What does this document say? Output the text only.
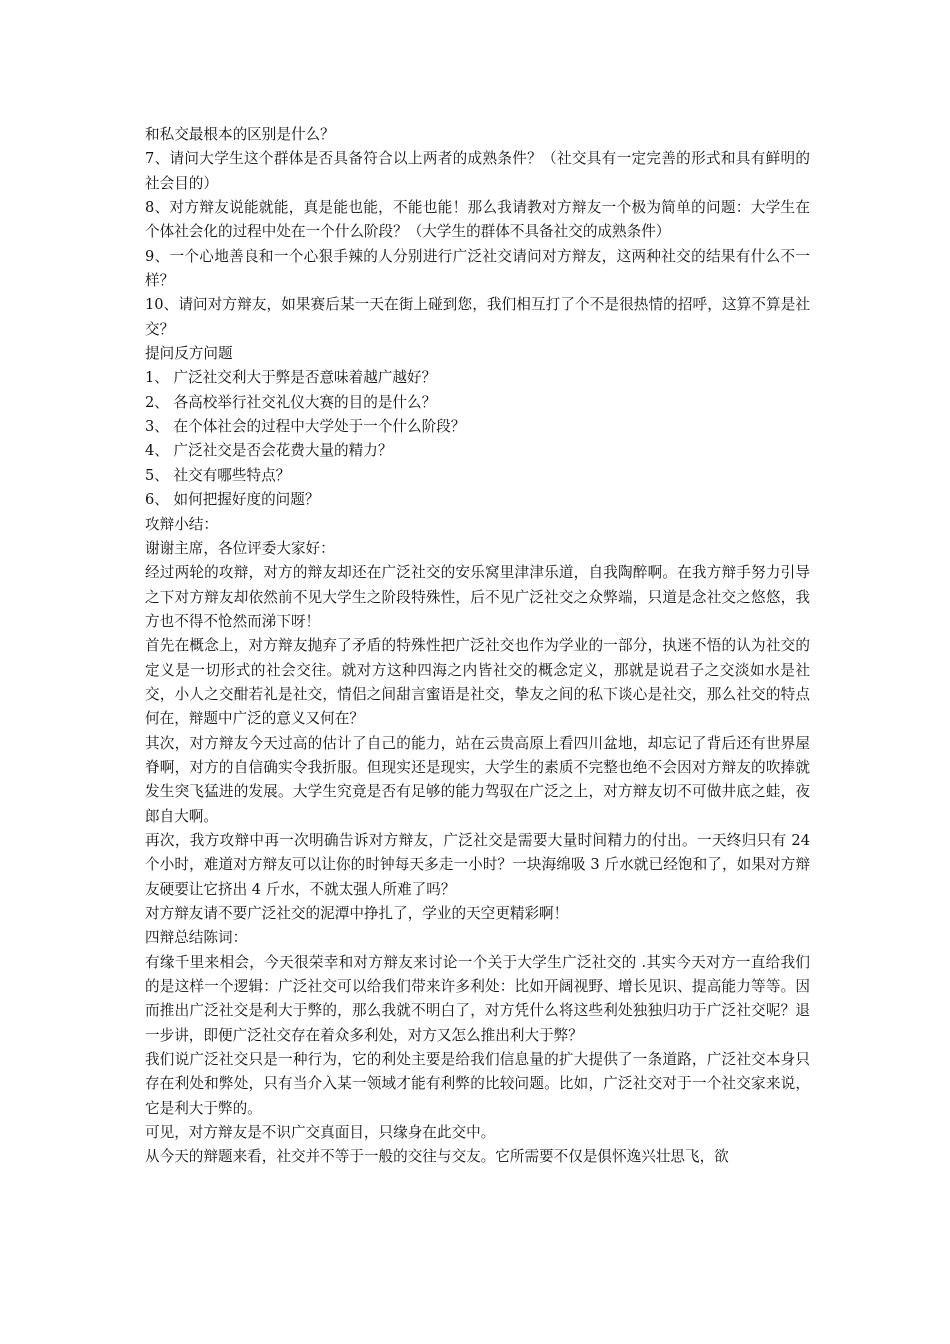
和私交最根本的区别是什么？

7、请问大学生这个群体是否具备符合以上两者的成熟条件？（社交具有一定完善的形式和具有鲜明的社会目的）

8、对方辩友说能就能，真是能也能，不能也能！那么我请教对方辩友一个极为简单的问题：大学生在个体社会化的过程中处在一个什么阶段？（大学生的群体不具备社交的成熟条件）

9、一个心地善良和一个心狠手辣的人分别进行广泛社交请问对方辩友，这两种社交的结果有什么不一样？

10、请问对方辩友，如果赛后某一天在街上碰到您，我们相互打了个不是很热情的招呼，这算不算是社交？

提问反方问题

1、 广泛社交利大于弊是否意味着越广越好？

2、 各高校举行社交礼仪大赛的目的是什么？

3、 在个体社会的过程中大学处于一个什么阶段？

4、 广泛社交是否会花费大量的精力？

5、 社交有哪些特点？

6、 如何把握好度的问题？

攻辩小结：

谢谢主席，各位评委大家好：

经过两轮的攻辩，对方的辩友却还在广泛社交的安乐窝里津津乐道，自我陶醉啊。在我方辩手努力引导之下对方辩友却依然前不见大学生之阶段特殊性，后不见广泛社交之众弊端，只道是念社交之悠悠，我方也不得不怆然而涕下呀！

首先在概念上，对方辩友抛弃了矛盾的特殊性把广泛社交也作为学业的一部分，执迷不悟的认为社交的定义是一切形式的社会交往。就对方这种四海之内皆社交的概念定义，那就是说君子之交淡如水是社交，小人之交酣若礼是社交，情侣之间甜言蜜语是社交，挚友之间的私下谈心是社交，那么社交的特点何在，辩题中广泛的意义又何在？

其次，对方辩友今天过高的估计了自己的能力，站在云贵高原上看四川盆地，却忘记了背后还有世界屋脊啊，对方的自信确实令我折服。但现实还是现实，大学生的素质不完整也绝不会因对方辩友的吹捧就发生突飞猛进的发展。大学生究竟是否有足够的能力驾驭在广泛之上，对方辩友切不可做井底之蛙，夜郎自大啊。

再次，我方攻辩中再一次明确告诉对方辩友，广泛社交是需要大量时间精力的付出。一天终归只有 24 个小时，难道对方辩友可以让你的时钟每天多走一小时？一块海绵吸 3 斤水就已经饱和了，如果对方辩友硬要让它挤出 4 斤水，不就太强人所难了吗？

对方辩友请不要广泛社交的泥潭中挣扎了，学业的天空更精彩啊！

四辩总结陈词：

有缘千里来相会，今天很荣幸和对方辩友来讨论一个关于大学生广泛社交的 .其实今天对方一直给我们的是这样一个逻辑：广泛社交可以给我们带来许多利处：比如开阔视野、增长见识、提高能力等等。因而推出广泛社交是利大于弊的，那么我就不明白了，对方凭什么将这些利处独独归功于广泛社交呢？退一步讲，即便广泛社交存在着众多利处，对方又怎么推出利大于弊？

我们说广泛社交只是一种行为，它的利处主要是给我们信息量的扩大提供了一条道路，广泛社交本身只存在利处和弊处，只有当介入某一领域才能有利弊的比较问题。比如，广泛社交对于一个社交家来说，它是利大于弊的。

可见，对方辩友是不识广交真面目，只缘身在此交中。

从今天的辩题来看，社交并不等于一般的交往与交友。它所需要不仅是俱怀逸兴壮思飞，欲
